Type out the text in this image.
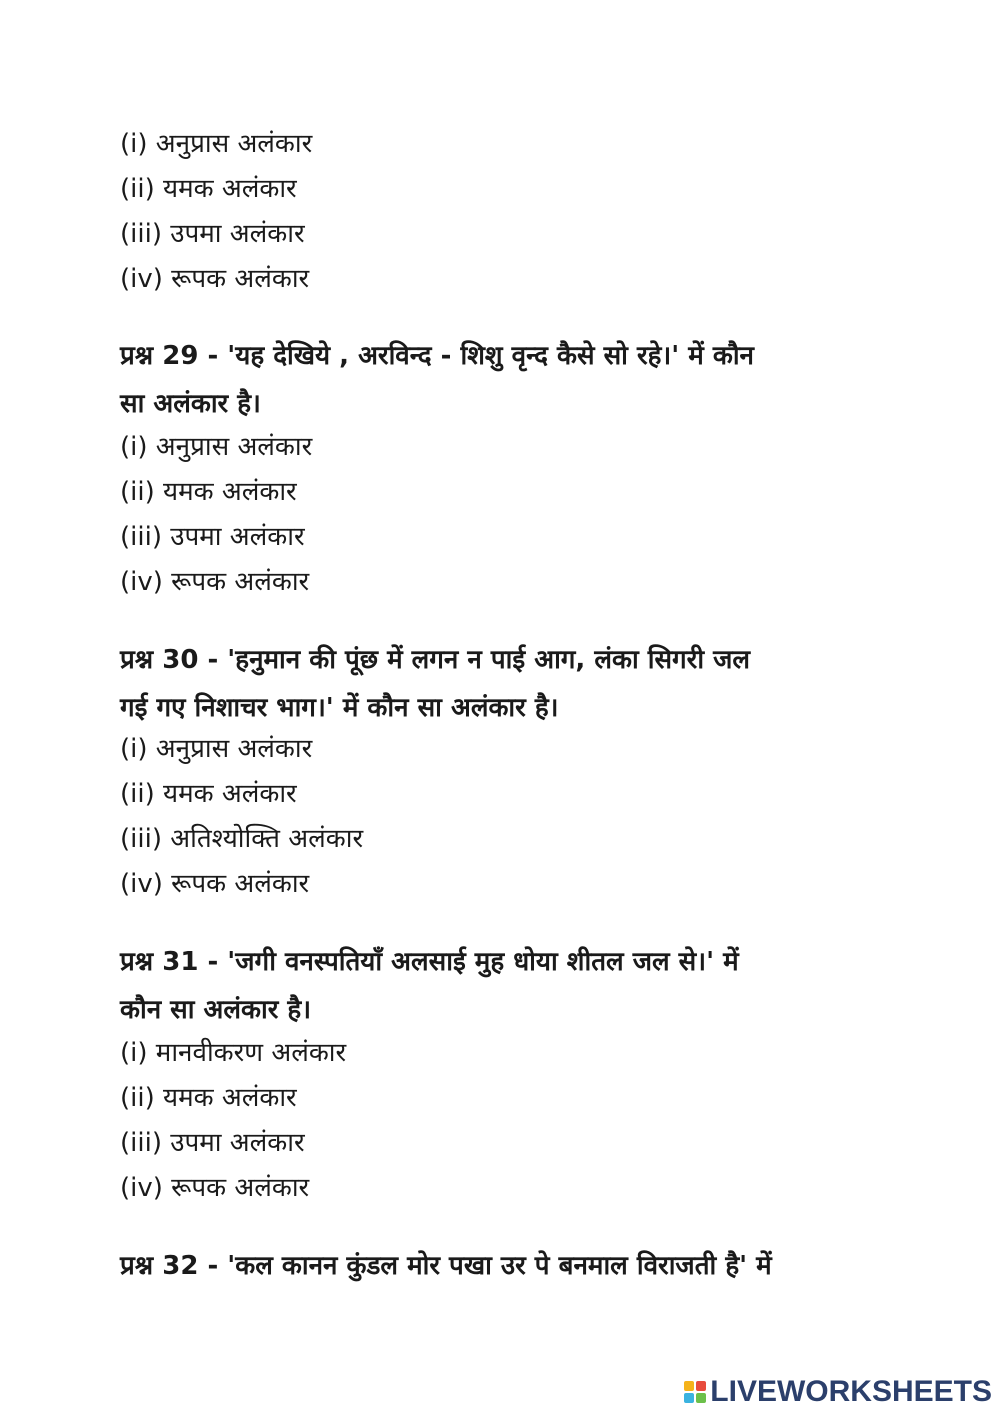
(i) अनुप्रास अलंकार
(ii) यमक अलंकार
(iii) उपमा अलंकार
(iv) रूपक अलंकार
प्रश्न 29 - 'यह देखिये , अरविन्द - शिशु वृन्द कैसे सो रहे।' में कौन
सा अलंकार है।
(i) अनुप्रास अलंकार
(ii) यमक अलंकार
(iii) उपमा अलंकार
(iv) रूपक अलंकार
प्रश्न 30 - 'हनुमान की पूंछ में लगन न पाई आग, लंका सिगरी जल
गई गए निशाचर भाग।' में कौन सा अलंकार है।
(i) अनुप्रास अलंकार
(ii) यमक अलंकार
(iii) अतिश्योक्ति अलंकार
(iv) रूपक अलंकार
प्रश्न 31 - 'जगी वनस्पतियाँ अलसाई मुह धोया शीतल जल से।' में
कौन सा अलंकार है।
(i) मानवीकरण अलंकार
(ii) यमक अलंकार
(iii) उपमा अलंकार
(iv) रूपक अलंकार
प्रश्न 32 - 'कल कानन कुंडल मोर पखा उर पे बनमाल विराजती है' में
LIVEWORKSHEETS
